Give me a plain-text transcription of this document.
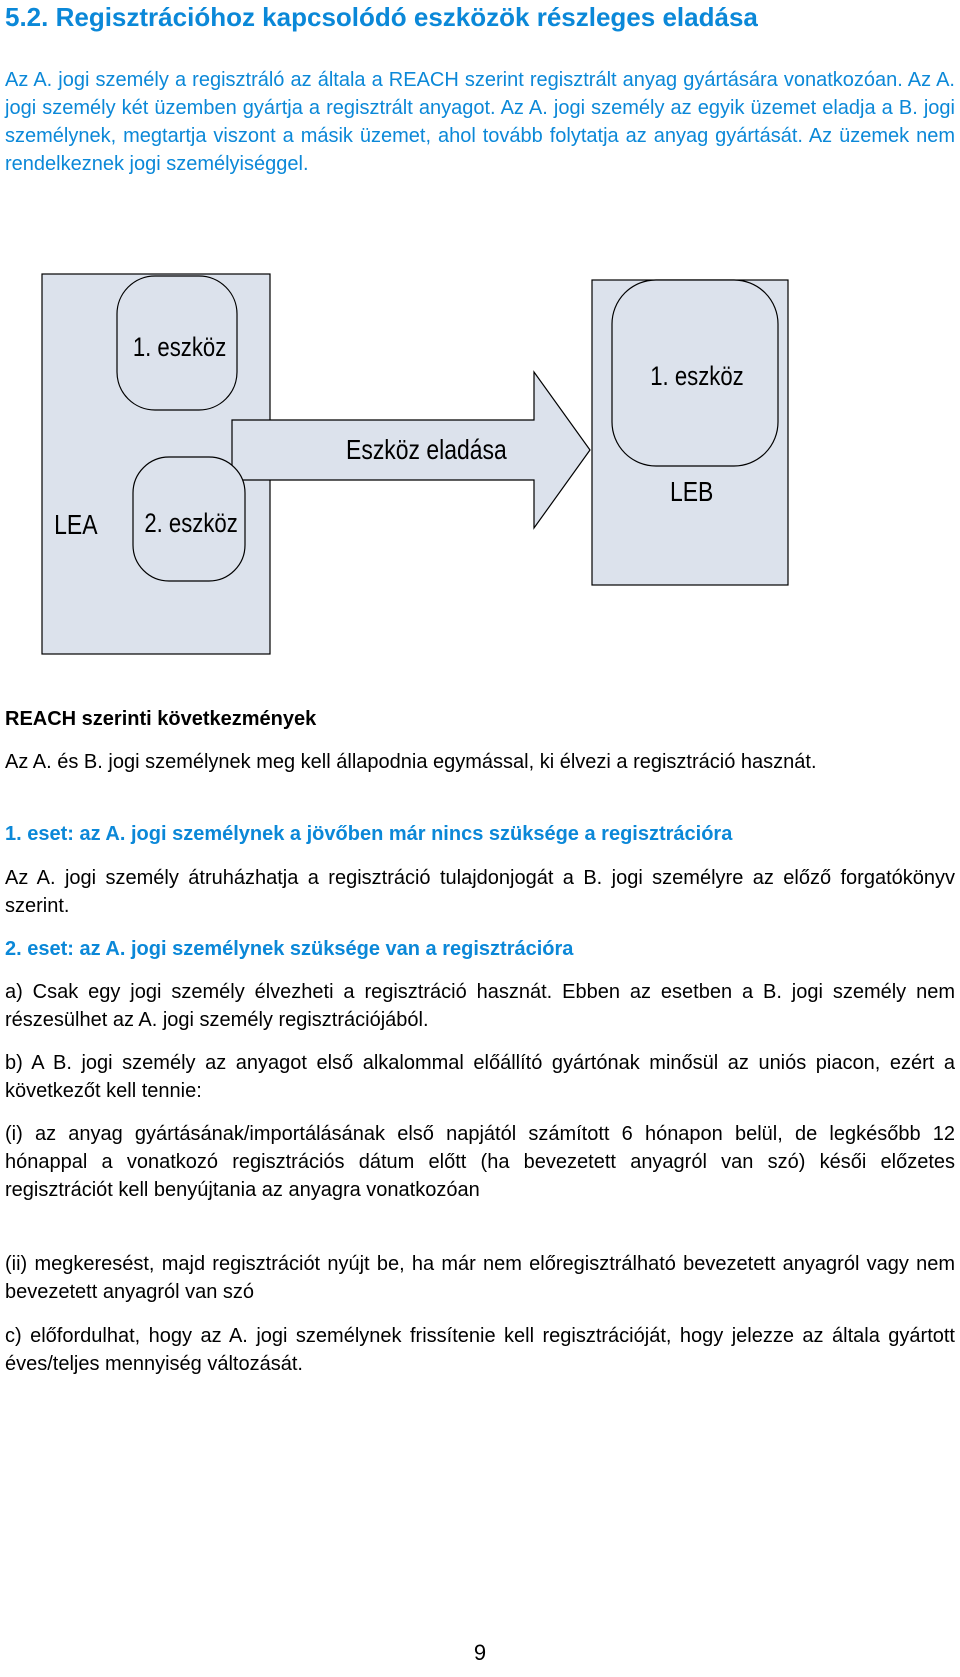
5.2. Regisztrációhoz kapcsolódó eszközök részleges eladása

Az A. jogi személy a regisztráló az általa a REACH szerint regisztrált anyag gyártására vonatkozóan. Az A. jogi személy két üzemben gyártja a regisztrált anyagot. Az A. jogi személy az egyik üzemet eladja a B. jogi személynek, megtartja viszont a másik üzemet, ahol tovább folytatja az anyag gyártását. Az üzemek nem rendelkeznek jogi személyiséggel.

1. eszköz
2. eszköz
LEA
Eszköz eladása
1. eszköz
LEB

REACH szerinti következmények

Az A. és B. jogi személynek meg kell állapodnia egymással, ki élvezi a regisztráció hasznát.

1. eset: az A. jogi személynek a jövőben már nincs szüksége a regisztrációra

Az A. jogi személy átruházhatja a regisztráció tulajdonjogát a B. jogi személyre az előző forgatókönyv szerint.

2. eset: az A. jogi személynek szüksége van a regisztrációra

a) Csak egy jogi személy élvezheti a regisztráció hasznát. Ebben az esetben a B. jogi személy nem részesülhet az A. jogi személy regisztrációjából.

b) A B. jogi személy az anyagot első alkalommal előállító gyártónak minősül az uniós piacon, ezért a következőt kell tennie:

(i) az anyag gyártásának/importálásának első napjától számított 6 hónapon belül, de legkésőbb 12 hónappal a vonatkozó regisztrációs dátum előtt (ha bevezetett anyagról van szó) késői előzetes regisztrációt kell benyújtania az anyagra vonatkozóan

(ii) megkeresést, majd regisztrációt nyújt be, ha már nem előregisztrálható bevezetett anyagról vagy nem bevezetett anyagról van szó

c) előfordulhat, hogy az A. jogi személynek frissítenie kell regisztrációját, hogy jelezze az általa gyártott éves/teljes mennyiség változását.

9
